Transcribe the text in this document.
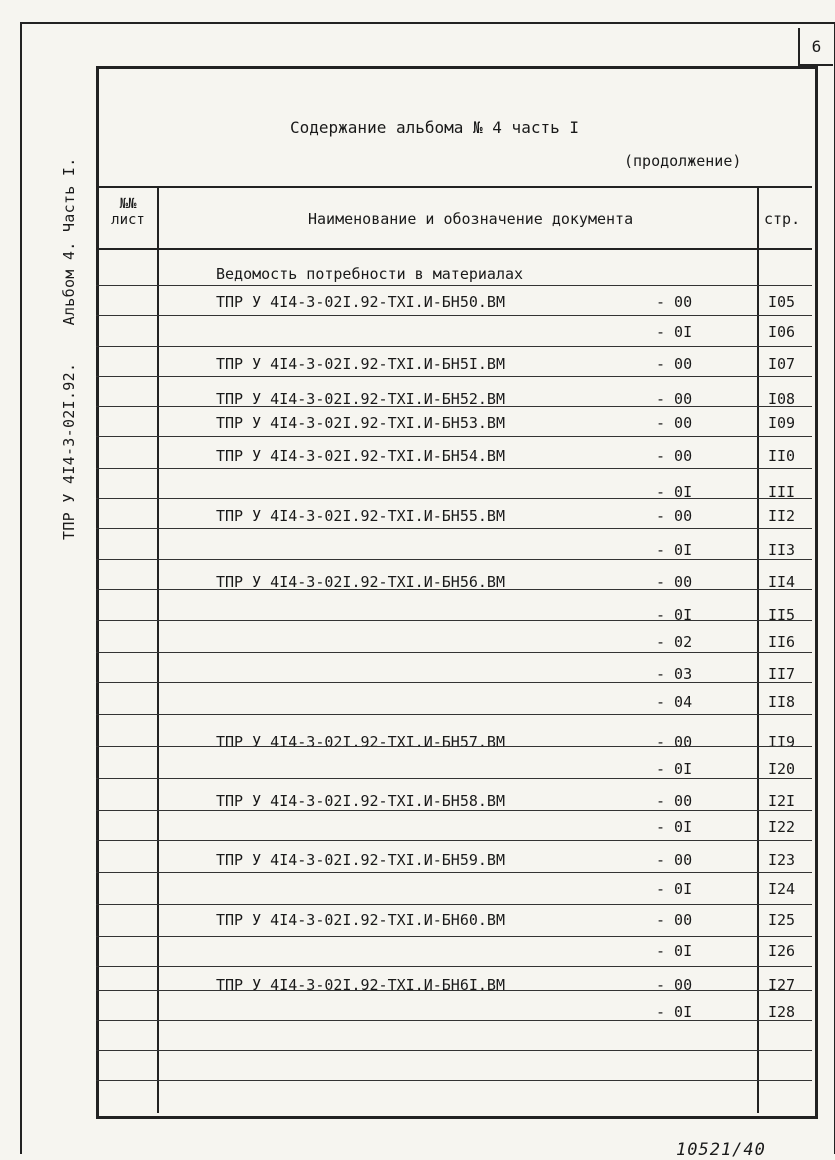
6
ТПР У 4І4-3-02І.92. Альбом 4. Часть І.
Содержание альбома № 4 часть I
(продолжение)
№№ лист	Наименование и обозначение документа	стр.
Ведомость потребности в материалах
ТПР У 4І4-3-02І.92-ТХІ.И-БН50.ВМ	- 00	І05
- 0І	І06
ТПР У 4І4-3-02І.92-ТХІ.И-БН5І.ВМ	- 00	І07
ТПР У 4І4-3-02І.92-ТХІ.И-БН52.ВМ	- 00	І08
ТПР У 4І4-3-02І.92-ТХІ.И-БН53.ВМ	- 00	І09
ТПР У 4І4-3-02І.92-ТХІ.И-БН54.ВМ	- 00	ІІ0
- 0І	ІІІ
ТПР У 4І4-3-02І.92-ТХІ.И-БН55.ВМ	- 00	ІІ2
- 0І	ІІ3
ТПР У 4І4-3-02І.92-ТХІ.И-БН56.ВМ	- 00	ІІ4
- 0І	ІІ5
- 02	ІІ6
- 03	ІІ7
- 04	ІІ8
ТПР У 4І4-3-02І.92-ТХІ.И-БН57.ВМ	- 00	ІІ9
- 0І	І20
ТПР У 4І4-3-02І.92-ТХІ.И-БН58.ВМ	- 00	І2І
- 0І	І22
ТПР У 4І4-3-02І.92-ТХІ.И-БН59.ВМ	- 00	І23
- 0І	І24
ТПР У 4І4-3-02І.92-ТХІ.И-БН60.ВМ	- 00	І25
- 0І	І26
ТПР У 4І4-3-02І.92-ТХІ.И-БН6І.ВМ	- 00	І27
- 0І	І28
10521/40
